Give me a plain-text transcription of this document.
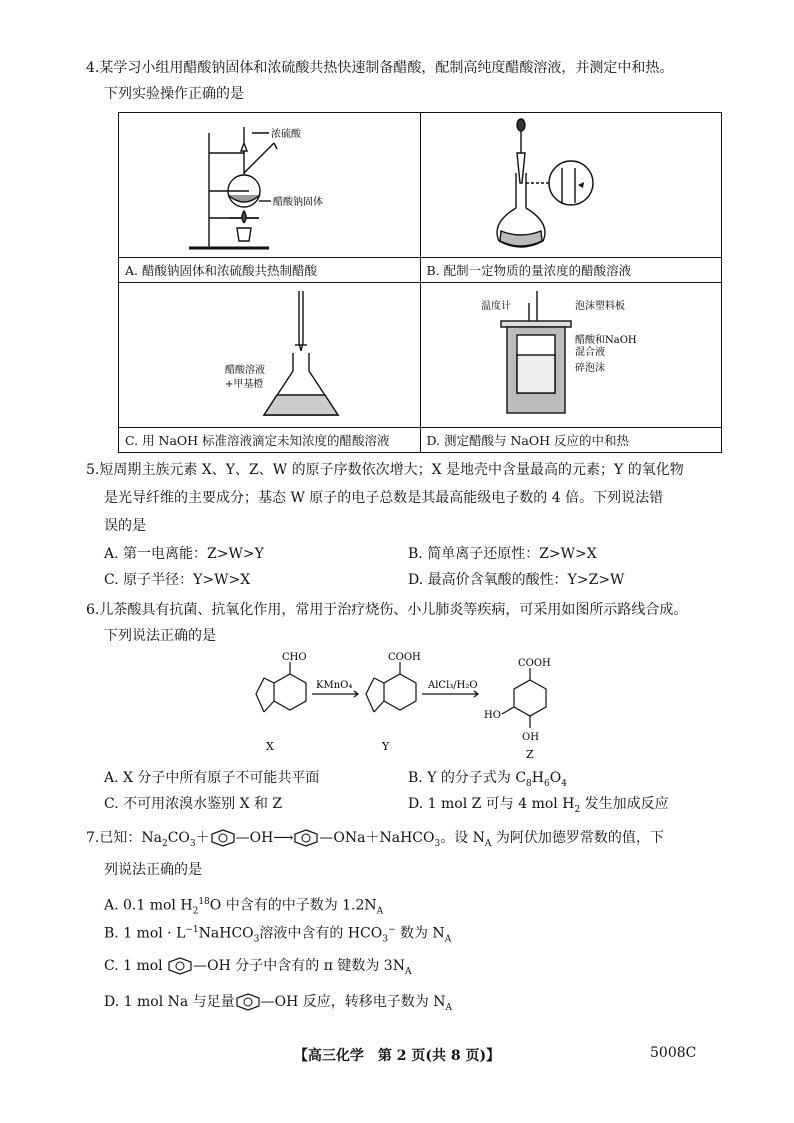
4.某学习小组用醋酸钠固体和浓硫酸共热快速制备醋酸，配制高纯度醋酸溶液，并测定中和热。
下列实验操作正确的是
浓硫酸
醋酸钠固体

A. 醋酸钠固体和浓硫酸共热制醋酸	B. 配制一定物质的量浓度的醋酸溶液

醋酸溶液
+甲基橙	温度计 泡沫塑料板
醋酸和NaOH
混合液
碎泡沫

C. 用 NaOH 标准溶液滴定未知浓度的醋酸溶液	D. 测定醋酸与 NaOH 反应的中和热
5.短周期主族元素 X、Y、Z、W 的原子序数依次增大；X 是地壳中含量最高的元素；Y 的氧化物
是光导纤维的主要成分；基态 W 原子的电子总数是其最高能级电子数的 4 倍。下列说法错
误的是
A. 第一电离能：Z>W>Y	B. 简单离子还原性：Z>W>X
C. 原子半径：Y>W>X	D. 最高价含氧酸的酸性：Y>Z>W
6.儿茶酸具有抗菌、抗氧化作用，常用于治疗烧伤、小儿肺炎等疾病，可采用如图所示路线合成。
下列说法正确的是
CHO	COOH
COOH
KMnO₄	AlCl₃/H₂O
HO
OH
X	Y
Z
A. X 分子中所有原子不可能共平面	B. Y 的分子式为 $C_8H_6O_4$
C. 不可用浓溴水鉴别 X 和 Z	D. 1 mol Z 可与 4 mol $H_2$ 发生加成反应
7.已知：$Na_2CO_3+$ —OH⟶ —ONa＋NaHCO$_3$。设 $N_A$ 为阿伏加德罗常数的值，下
列说法正确的是
A. 0.1 mol $H_2^{18}O$ 中含有的中子数为 $1.2N_A$
B. 1 mol · $L^{-1}NaHCO_3$溶液中含有的 $HCO_3^-$ 数为 $N_A$
C. 1 mol —OH 分子中含有的 π 键数为 $3N_A$
D. 1 mol Na 与足量 —OH 反应，转移电子数为 $N_A$
【高三化学　第 2 页(共 8 页)】	5008C
